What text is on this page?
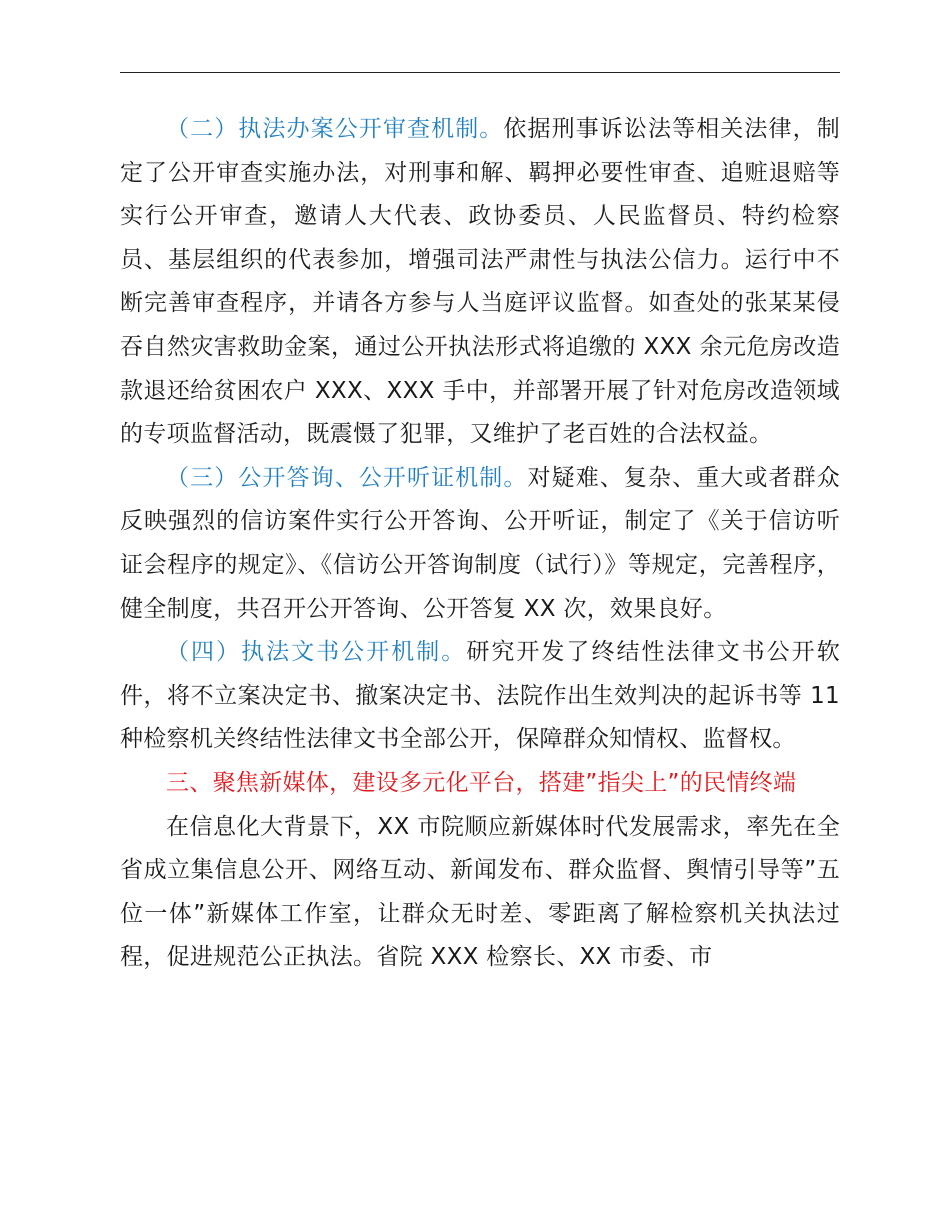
（二）执法办案公开审查机制。依据刑事诉讼法等相关法律，制定了公开审查实施办法，对刑事和解、羁押必要性审查、追赃退赔等实行公开审查，邀请人大代表、政协委员、人民监督员、特约检察员、基层组织的代表参加，增强司法严肃性与执法公信力。运行中不断完善审查程序，并请各方参与人当庭评议监督。如查处的张某某侵吞自然灾害救助金案，通过公开执法形式将追缴的 XXX 余元危房改造款退还给贫困农户 XXX、XXX 手中，并部署开展了针对危房改造领域的专项监督活动，既震慑了犯罪，又维护了老百姓的合法权益。

（三）公开答询、公开听证机制。对疑难、复杂、重大或者群众反映强烈的信访案件实行公开答询、公开听证，制定了《关于信访听证会程序的规定》、《信访公开答询制度（试行）》等规定，完善程序，健全制度，共召开公开答询、公开答复 XX 次，效果良好。

（四）执法文书公开机制。研究开发了终结性法律文书公开软件，将不立案决定书、撤案决定书、法院作出生效判决的起诉书等 11 种检察机关终结性法律文书全部公开，保障群众知情权、监督权。

三、聚焦新媒体，建设多元化平台，搭建”指尖上”的民情终端

在信息化大背景下，XX 市院顺应新媒体时代发展需求，率先在全省成立集信息公开、网络互动、新闻发布、群众监督、舆情引导等”五位一体”新媒体工作室，让群众无时差、零距离了解检察机关执法过程，促进规范公正执法。省院 XXX 检察长、XX 市委、市
